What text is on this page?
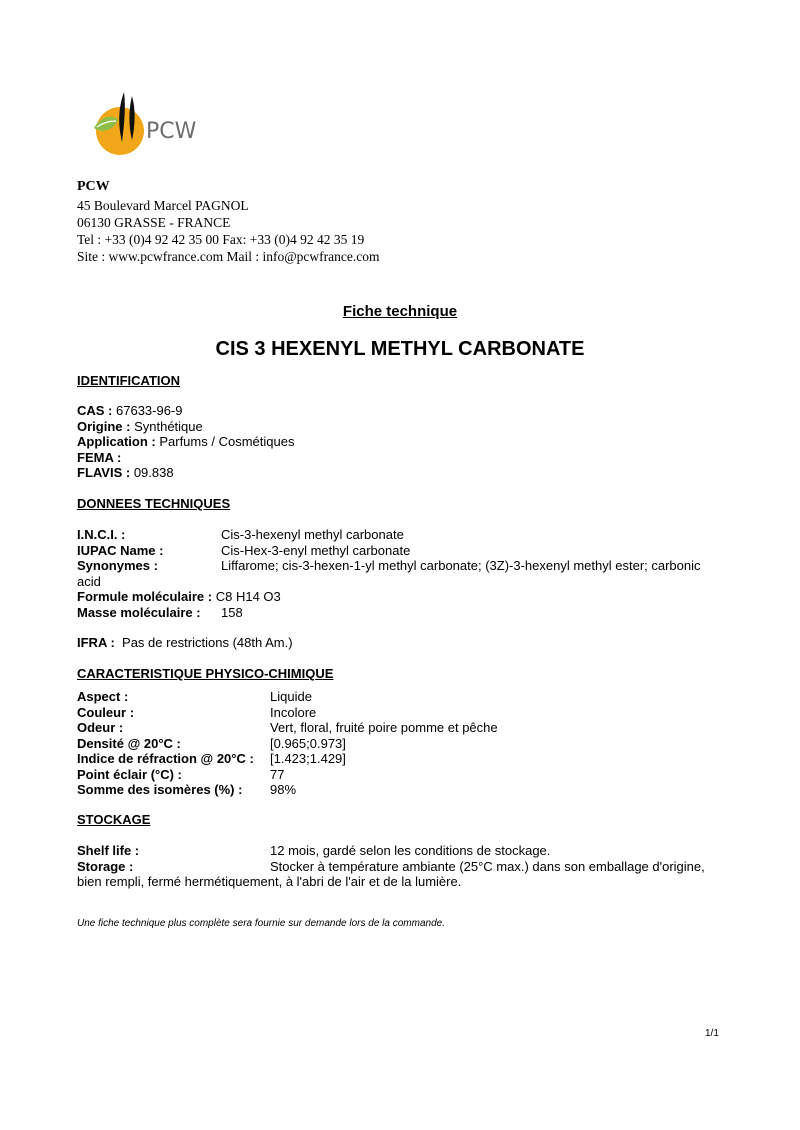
PCW
PCW
45 Boulevard Marcel PAGNOL
06130 GRASSE - FRANCE
Tel : +33 (0)4 92 42 35 00 Fax: +33 (0)4 92 42 35 19
Site : www.pcwfrance.com Mail : info@pcwfrance.com
Fiche technique
CIS 3 HEXENYL METHYL CARBONATE
IDENTIFICATION
CAS : 67633-96-9
Origine : Synthétique
Application : Parfums / Cosmétiques
FEMA :
FLAVIS : 09.838
DONNEES TECHNIQUES
I.N.C.I. :	Cis-3-hexenyl methyl carbonate
IUPAC Name :	Cis-Hex-3-enyl methyl carbonate
Synonymes :	Liffarome; cis-3-hexen-1-yl methyl carbonate; (3Z)-3-hexenyl methyl ester; carbonic
acid
Formule moléculaire : C8 H14 O3
Masse moléculaire : 158
IFRA : Pas de restrictions (48th Am.)
CARACTERISTIQUE PHYSICO-CHIMIQUE
Aspect :	Liquide
Couleur :	Incolore
Odeur :	Vert, floral, fruité poire pomme et pêche
Densité @ 20°C :	[0.965;0.973]
Indice de réfraction @ 20°C : [1.423;1.429]
Point éclair (°C) :	77
Somme des isomères (%) : 98%
STOCKAGE
Shelf life :	12 mois, gardé selon les conditions de stockage.
Storage :	Stocker à température ambiante (25°C max.) dans son emballage d'origine,
bien rempli, fermé hermétiquement, à l'abri de l'air et de la lumière.
Une fiche technique plus complète sera fournie sur demande lors de la commande.
1/1
